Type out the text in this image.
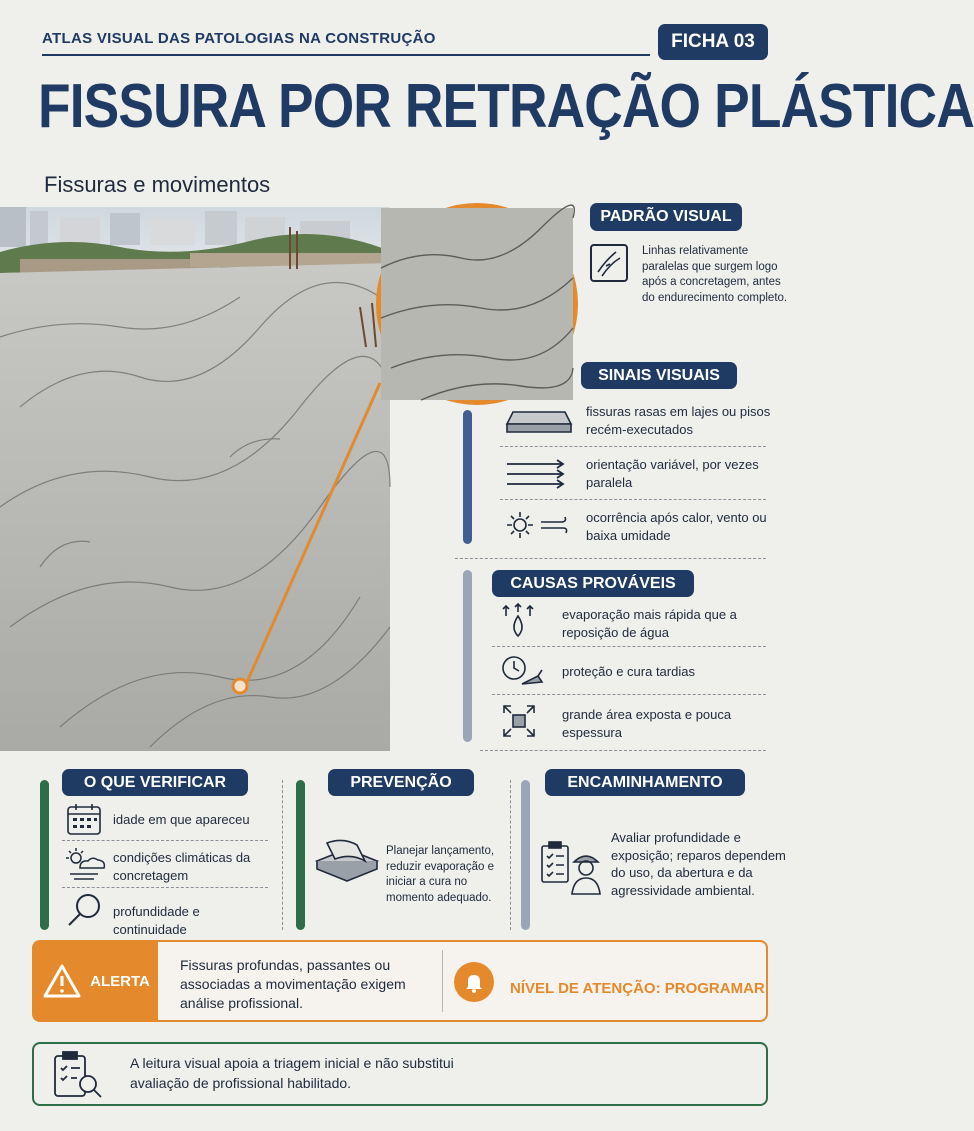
ATLAS VISUAL DAS PATOLOGIAS NA CONSTRUÇÃO	FICHA 03
FISSURA POR RETRAÇÃO PLÁSTICA
Fissuras e movimentos
PADRÃO VISUAL
Linhas relativamente paralelas que surgem logo após a concretagem, antes do endurecimento completo.
SINAIS VISUAIS
fissuras rasas em lajes ou pisos recém-executados
orientação variável, por vezes paralela
ocorrência após calor, vento ou baixa umidade
CAUSAS PROVÁVEIS
evaporação mais rápida que a reposição de água
proteção e cura tardias
grande área exposta e pouca espessura
O QUE VERIFICAR
idade em que apareceu
condições climáticas da concretagem
profundidade e continuidade
PREVENÇÃO
Planejar lançamento, reduzir evaporação e iniciar a cura no momento adequado.
ENCAMINHAMENTO
Avaliar profundidade e exposição; reparos dependem do uso, da abertura e da agressividade ambiental.
ALERTA
Fissuras profundas, passantes ou associadas a movimentação exigem análise profissional.
NÍVEL DE ATENÇÃO: PROGRAMAR
A leitura visual apoia a triagem inicial e não substitui avaliação de profissional habilitado.
